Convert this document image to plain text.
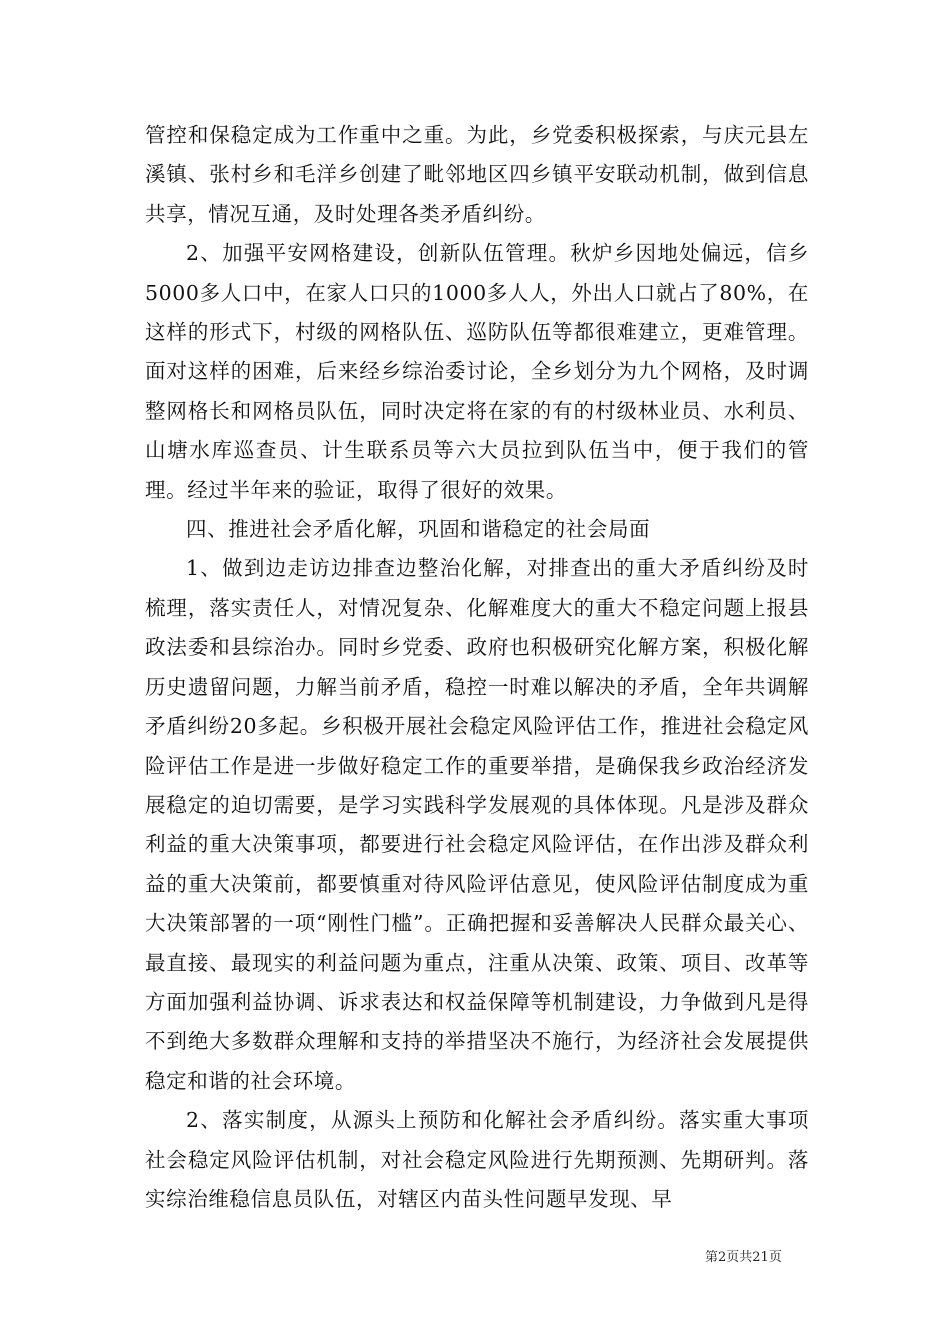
管控和保稳定成为工作重中之重。为此，乡党委积极探索，与庆元县左溪镇、张村乡和毛洋乡创建了毗邻地区四乡镇平安联动机制，做到信息共享，情况互通，及时处理各类矛盾纠纷。

2、加强平安网格建设，创新队伍管理。秋炉乡因地处偏远，信乡5000多人口中，在家人口只的1000多人人，外出人口就占了80%，在这样的形式下，村级的网格队伍、巡防队伍等都很难建立，更难管理。面对这样的困难，后来经乡综治委讨论，全乡划分为九个网格，及时调整网格长和网格员队伍，同时决定将在家的有的村级林业员、水利员、山塘水库巡查员、计生联系员等六大员拉到队伍当中，便于我们的管理。经过半年来的验证，取得了很好的效果。

四、推进社会矛盾化解，巩固和谐稳定的社会局面

1、做到边走访边排查边整治化解，对排查出的重大矛盾纠纷及时梳理，落实责任人，对情况复杂、化解难度大的重大不稳定问题上报县政法委和县综治办。同时乡党委、政府也积极研究化解方案，积极化解历史遗留问题，力解当前矛盾，稳控一时难以解决的矛盾，全年共调解矛盾纠纷20多起。乡积极开展社会稳定风险评估工作，推进社会稳定风险评估工作是进一步做好稳定工作的重要举措，是确保我乡政治经济发展稳定的迫切需要，是学习实践科学发展观的具体体现。凡是涉及群众利益的重大决策事项，都要进行社会稳定风险评估，在作出涉及群众利益的重大决策前，都要慎重对待风险评估意见，使风险评估制度成为重大决策部署的一项“刚性门槛”。正确把握和妥善解决人民群众最关心、最直接、最现实的利益问题为重点，注重从决策、政策、项目、改革等方面加强利益协调、诉求表达和权益保障等机制建设，力争做到凡是得不到绝大多数群众理解和支持的举措坚决不施行，为经济社会发展提供稳定和谐的社会环境。

2、落实制度，从源头上预防和化解社会矛盾纠纷。落实重大事项社会稳定风险评估机制，对社会稳定风险进行先期预测、先期研判。落实综治维稳信息员队伍，对辖区内苗头性问题早发现、早

第2页共21页
